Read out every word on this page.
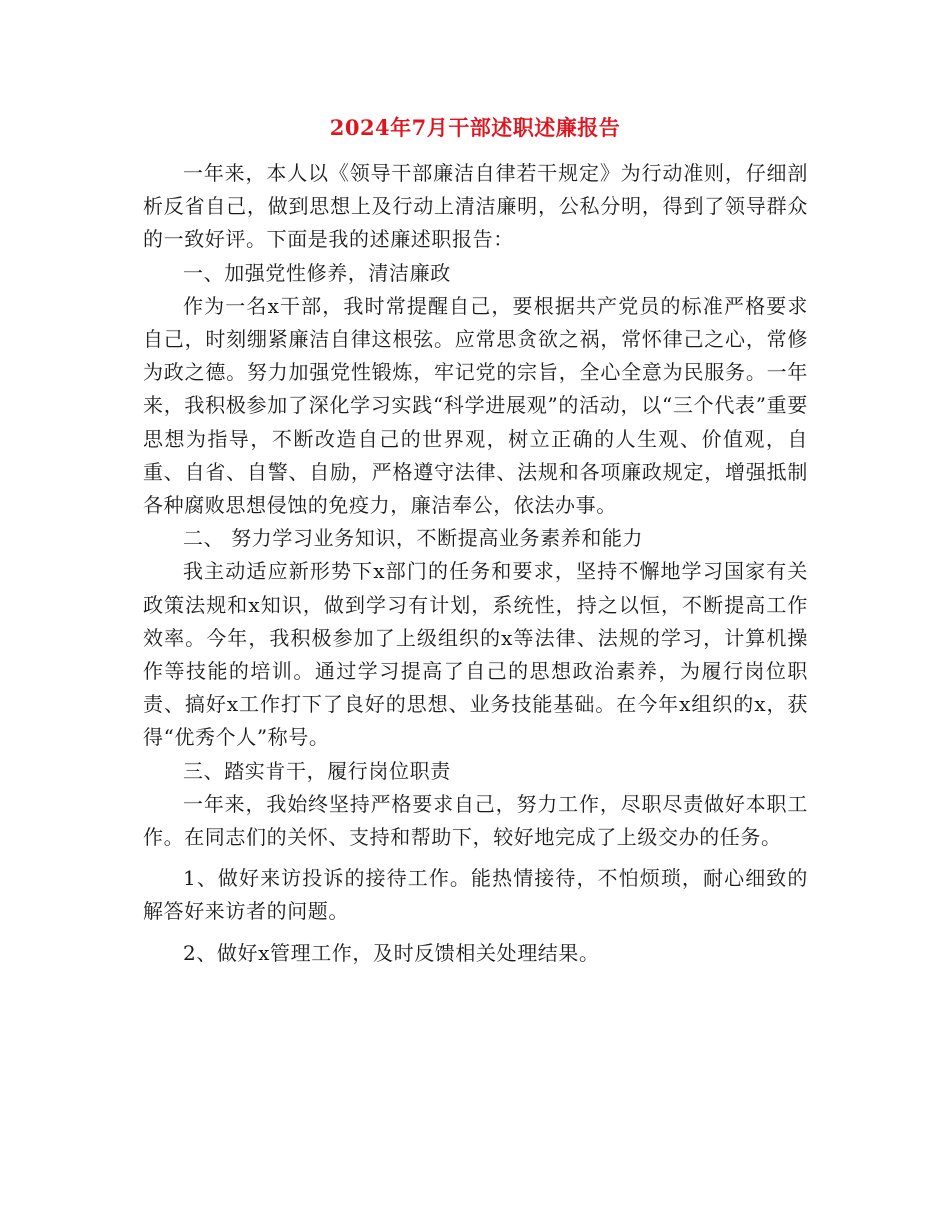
2024年7月干部述职述廉报告

一年来，本人以《领导干部廉洁自律若干规定》为行动准则，仔细剖析反省自己，做到思想上及行动上清洁廉明，公私分明，得到了领导群众的一致好评。下面是我的述廉述职报告：

一、加强党性修养，清洁廉政

作为一名x干部，我时常提醒自己，要根据共产党员的标准严格要求自己，时刻绷紧廉洁自律这根弦。应常思贪欲之祸，常怀律己之心，常修为政之德。努力加强党性锻炼，牢记党的宗旨，全心全意为民服务。一年来，我积极参加了深化学习实践“科学进展观”的活动，以“三个代表”重要思想为指导，不断改造自己的世界观，树立正确的人生观、价值观，自重、自省、自警、自励，严格遵守法律、法规和各项廉政规定，增强抵制各种腐败思想侵蚀的免疫力，廉洁奉公，依法办事。

二、 努力学习业务知识，不断提高业务素养和能力

我主动适应新形势下x部门的任务和要求，坚持不懈地学习国家有关政策法规和x知识，做到学习有计划，系统性，持之以恒，不断提高工作效率。今年，我积极参加了上级组织的x等法律、法规的学习，计算机操作等技能的培训。通过学习提高了自己的思想政治素养，为履行岗位职责、搞好x工作打下了良好的思想、业务技能基础。在今年x组织的x，获得“优秀个人”称号。

三、踏实肯干，履行岗位职责

一年来，我始终坚持严格要求自己，努力工作，尽职尽责做好本职工作。在同志们的关怀、支持和帮助下，较好地完成了上级交办的任务。

1、做好来访投诉的接待工作。能热情接待，不怕烦琐，耐心细致的解答好来访者的问题。

2、做好x管理工作，及时反馈相关处理结果。
